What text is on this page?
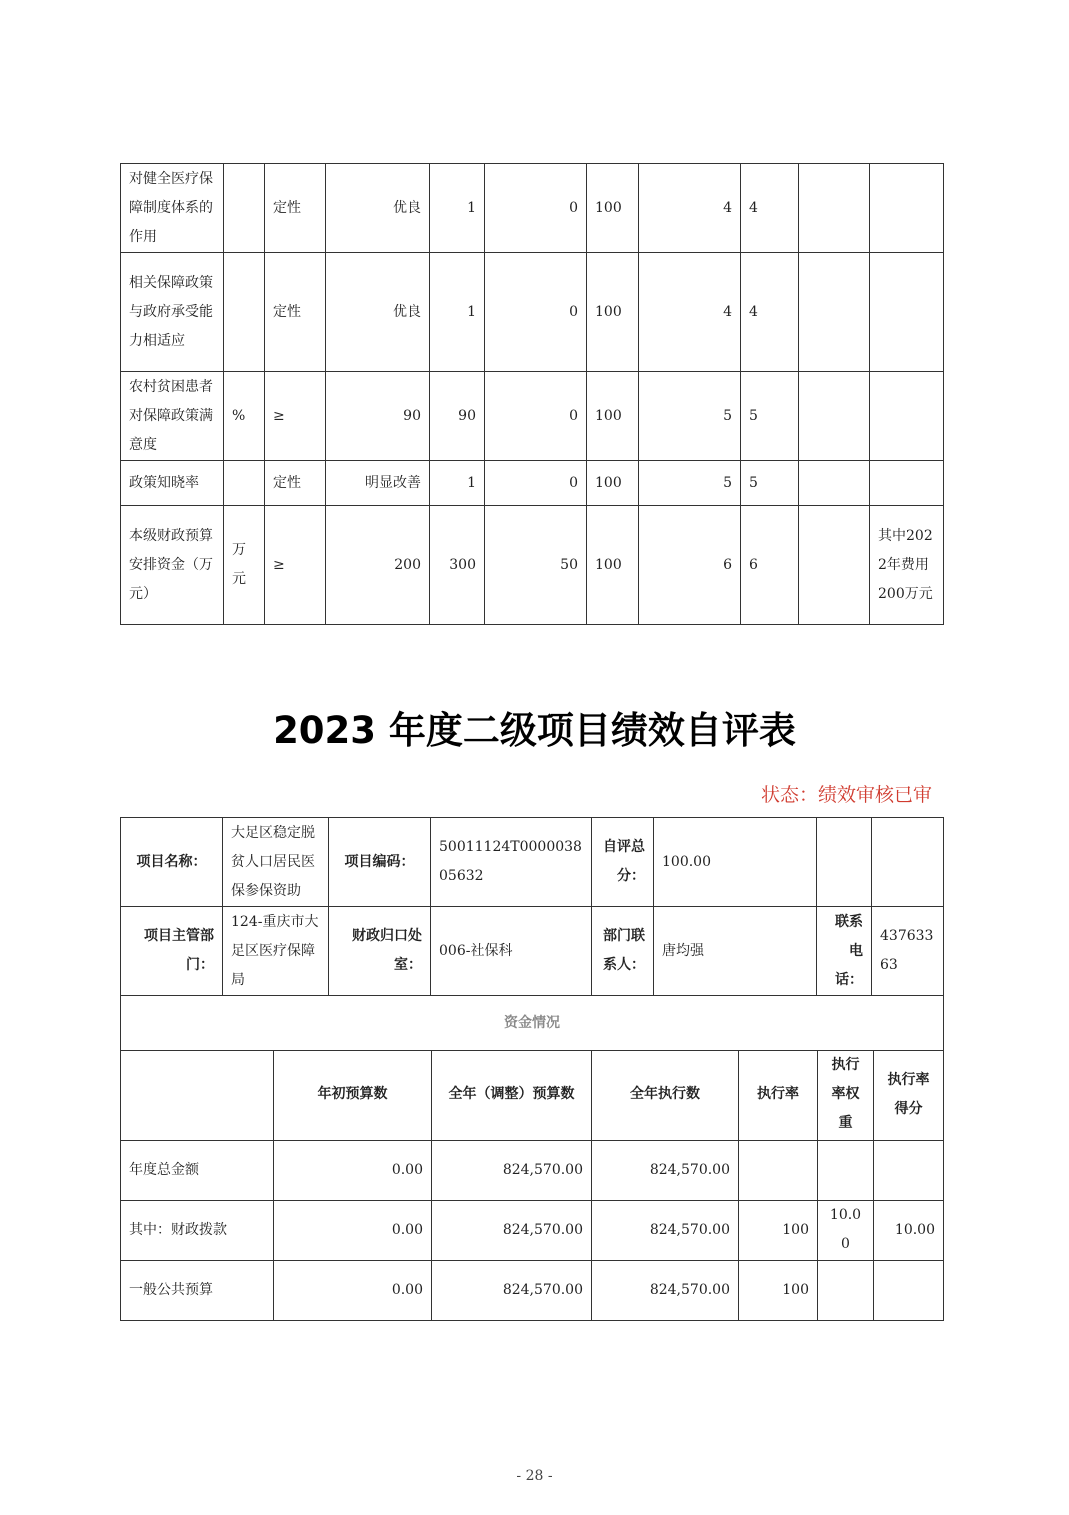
对健全医疗保障制度体系的作用		定性	优良	1	0	100	4	4		
相关保障政策与政府承受能力相适应		定性	优良	1	0	100	4	4		
农村贫困患者对保障政策满意度	%	≥	90	90	0	100	5	5		
政策知晓率		定性	明显改善	1	0	100	5	5		
本级财政预算安排资金（万元）	万元	≥	200	300	50	100	6	6		其中2022年费用200万元
2023 年度二级项目绩效自评表
状态：绩效审核已审
项目名称：	大足区稳定脱贫人口居民医保参保资助	项目编码：	50011124T000003805632	自评总分：	100.00		
项目主管部门：	124-重庆市大足区医疗保障局	财政归口处室：	006-社保科	部门联系人：	唐均强	联系电话：	43763363
资金情况							
	年初预算数	全年（调整）预算数	全年执行数	执行率	执行率权重	执行率得分
年度总金额	0.00	824,570.00	824,570.00			
其中：财政拨款	0.00	824,570.00	824,570.00	100	10.00	10.00
一般公共预算	0.00	824,570.00	824,570.00	100		
- 28 -
